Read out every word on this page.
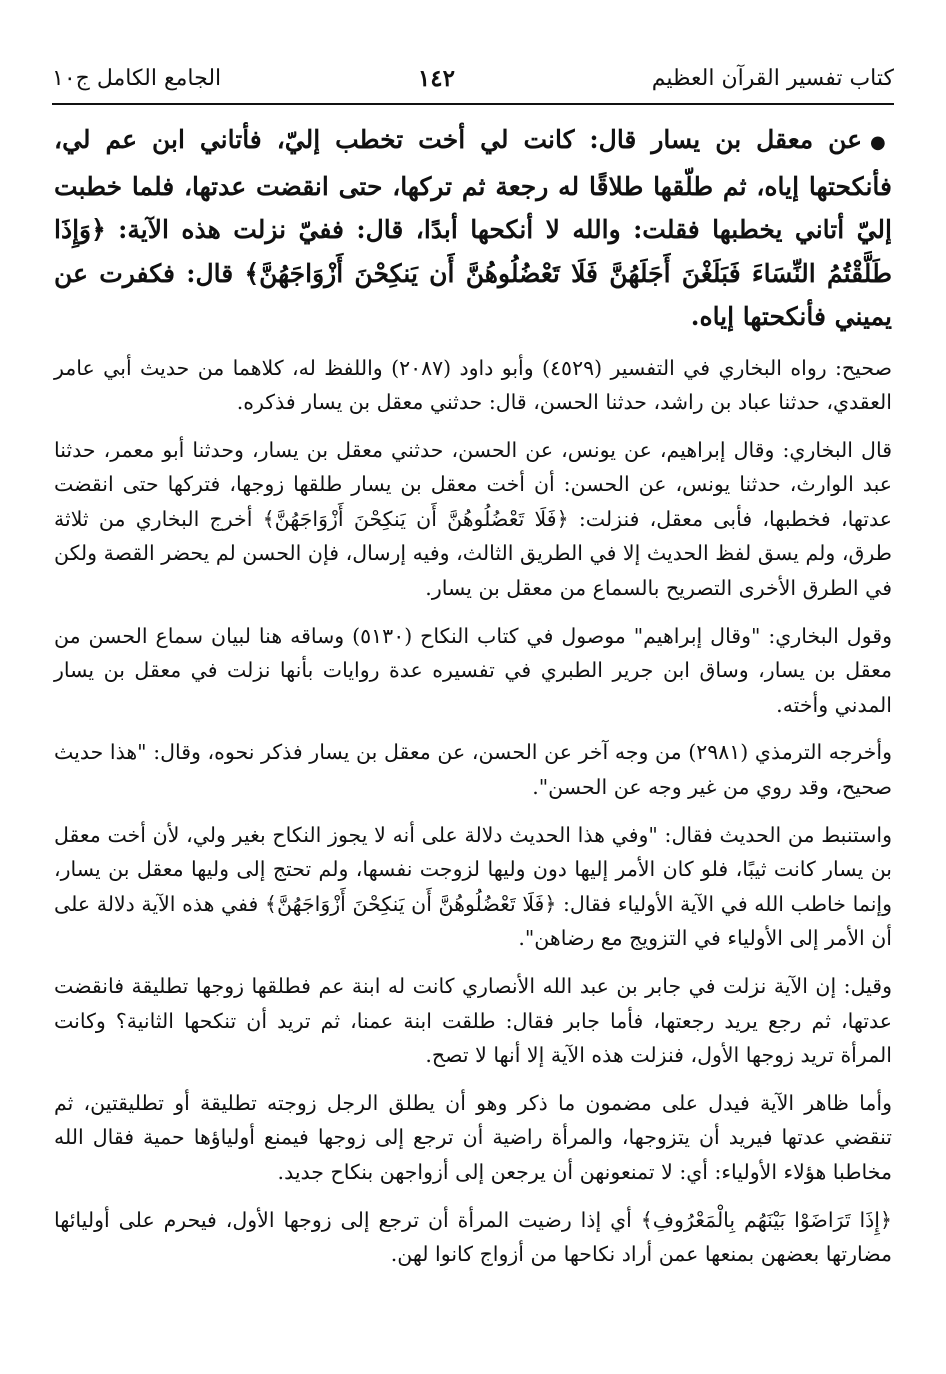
كتاب تفسير القرآن العظيم
١٤٢
الجامع الكامل ج١٠

●عن معقل بن يسار قال: كانت لي أخت تخطب إليّ، فأتاني ابن عم لي، فأنكحتها إياه، ثم طلّقها طلاقًا له رجعة ثم تركها، حتى انقضت عدتها، فلما خطبت إليّ أتاني يخطبها فقلت: والله لا أنكحها أبدًا، قال: ففيّ نزلت هذه الآية: ﴿وَإِذَا طَلَّقْتُمُ النِّسَاءَ فَبَلَغْنَ أَجَلَهُنَّ فَلَا تَعْضُلُوهُنَّ أَن يَنكِحْنَ أَزْوَاجَهُنَّ﴾ قال: فكفرت عن يميني فأنكحتها إياه.

صحيح: رواه البخاري في التفسير (٤٥٢٩) وأبو داود (٢٠٨٧) واللفظ له، كلاهما من حديث أبي عامر العقدي، حدثنا عباد بن راشد، حدثنا الحسن، قال: حدثني معقل بن يسار فذكره.

قال البخاري: وقال إبراهيم، عن يونس، عن الحسن، حدثني معقل بن يسار، وحدثنا أبو معمر، حدثنا عبد الوارث، حدثنا يونس، عن الحسن: أن أخت معقل بن يسار طلقها زوجها، فتركها حتى انقضت عدتها، فخطبها، فأبى معقل، فنزلت: ﴿فَلَا تَعْضُلُوهُنَّ أَن يَنكِحْنَ أَزْوَاجَهُنَّ﴾ أخرج البخاري من ثلاثة طرق، ولم يسق لفظ الحديث إلا في الطريق الثالث، وفيه إرسال، فإن الحسن لم يحضر القصة ولكن في الطرق الأخرى التصريح بالسماع من معقل بن يسار.

وقول البخاري: "وقال إبراهيم" موصول في كتاب النكاح (٥١٣٠) وساقه هنا لبيان سماع الحسن من معقل بن يسار، وساق ابن جرير الطبري في تفسيره عدة روايات بأنها نزلت في معقل بن يسار المدني وأخته.

وأخرجه الترمذي (٢٩٨١) من وجه آخر عن الحسن، عن معقل بن يسار فذكر نحوه، وقال: "هذا حديث صحيح، وقد روي من غير وجه عن الحسن".

واستنبط من الحديث فقال: "وفي هذا الحديث دلالة على أنه لا يجوز النكاح بغير ولي، لأن أخت معقل بن يسار كانت ثيبًا، فلو كان الأمر إليها دون وليها لزوجت نفسها، ولم تحتج إلى وليها معقل بن يسار، وإنما خاطب الله في الآية الأولياء فقال: ﴿فَلَا تَعْضُلُوهُنَّ أَن يَنكِحْنَ أَزْوَاجَهُنَّ﴾ ففي هذه الآية دلالة على أن الأمر إلى الأولياء في التزويج مع رضاهن".

وقيل: إن الآية نزلت في جابر بن عبد الله الأنصاري كانت له ابنة عم فطلقها زوجها تطليقة فانقضت عدتها، ثم رجع يريد رجعتها، فأما جابر فقال: طلقت ابنة عمنا، ثم تريد أن تنكحها الثانية؟ وكانت المرأة تريد زوجها الأول، فنزلت هذه الآية إلا أنها لا تصح.

وأما ظاهر الآية فيدل على مضمون ما ذكر وهو أن يطلق الرجل زوجته تطليقة أو تطليقتين، ثم تنقضي عدتها فيريد أن يتزوجها، والمرأة راضية أن ترجع إلى زوجها فيمنع أولياؤها حمية فقال الله مخاطبا هؤلاء الأولياء: أي: لا تمنعونهن أن يرجعن إلى أزواجهن بنكاح جديد.

﴿إِذَا تَرَاضَوْا بَيْنَهُم بِالْمَعْرُوفِ﴾ أي إذا رضيت المرأة أن ترجع إلى زوجها الأول، فيحرم على أوليائها مضارتها بعضهن بمنعها عمن أراد نكاحها من أزواج كانوا لهن.
